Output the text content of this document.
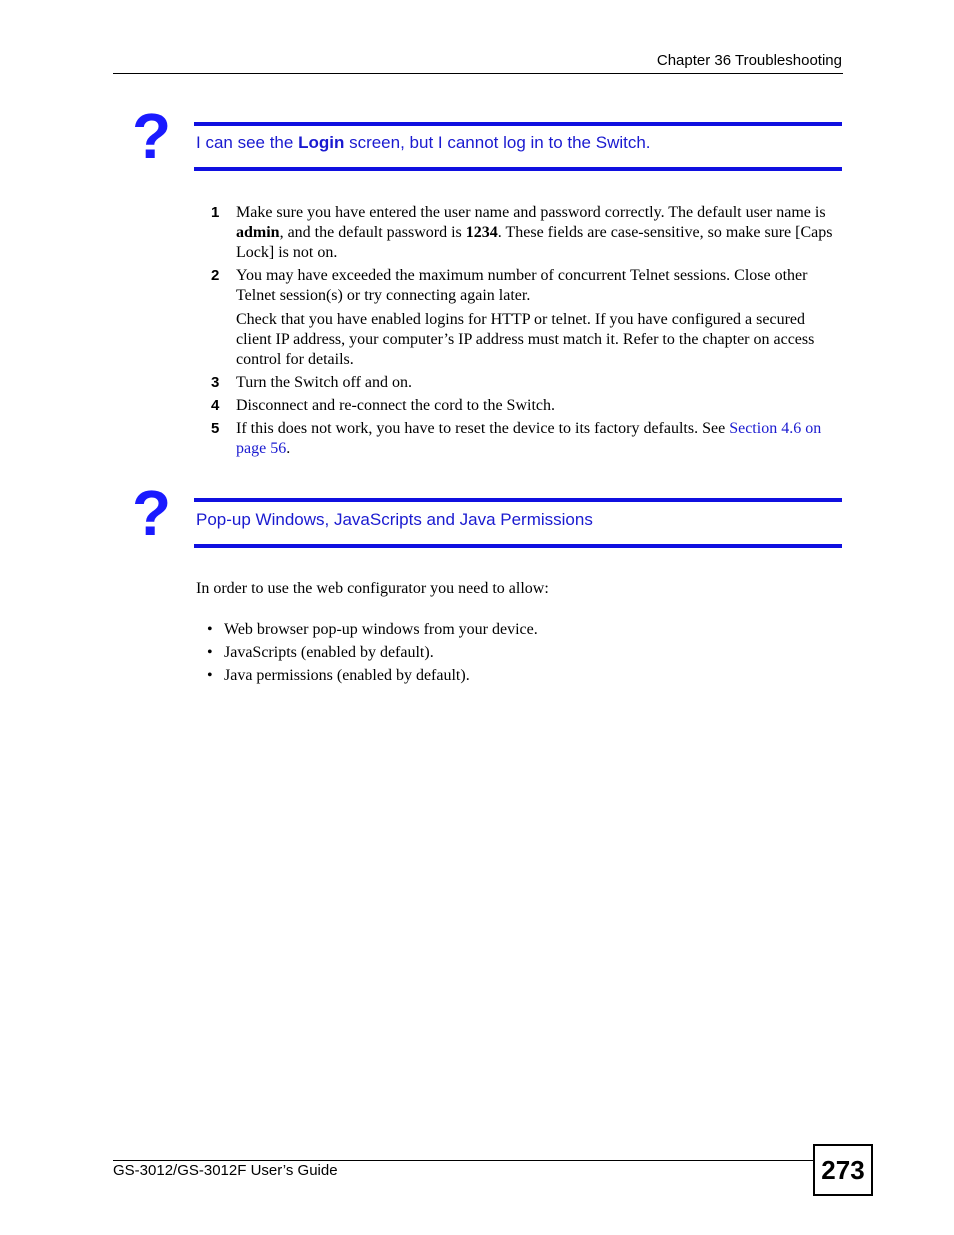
Chapter 36 Troubleshooting
? I can see the Login screen, but I cannot log in to the Switch.
1 Make sure you have entered the user name and password correctly. The default user name is admin, and the default password is 1234. These fields are case-sensitive, so make sure [Caps Lock] is not on.

2 You may have exceeded the maximum number of concurrent Telnet sessions. Close other Telnet session(s) or try connecting again later.

Check that you have enabled logins for HTTP or telnet. If you have configured a secured client IP address, your computer’s IP address must match it. Refer to the chapter on access control for details.

3 Turn the Switch off and on.

4 Disconnect and re-connect the cord to the Switch.

5 If this does not work, you have to reset the device to its factory defaults. See Section 4.6 on page 56.

? Pop-up Windows, JavaScripts and Java Permissions
In order to use the web configurator you need to allow:
• Web browser pop-up windows from your device.
• JavaScripts (enabled by default).
• Java permissions (enabled by default).
GS-3012/GS-3012F User’s Guide	273
